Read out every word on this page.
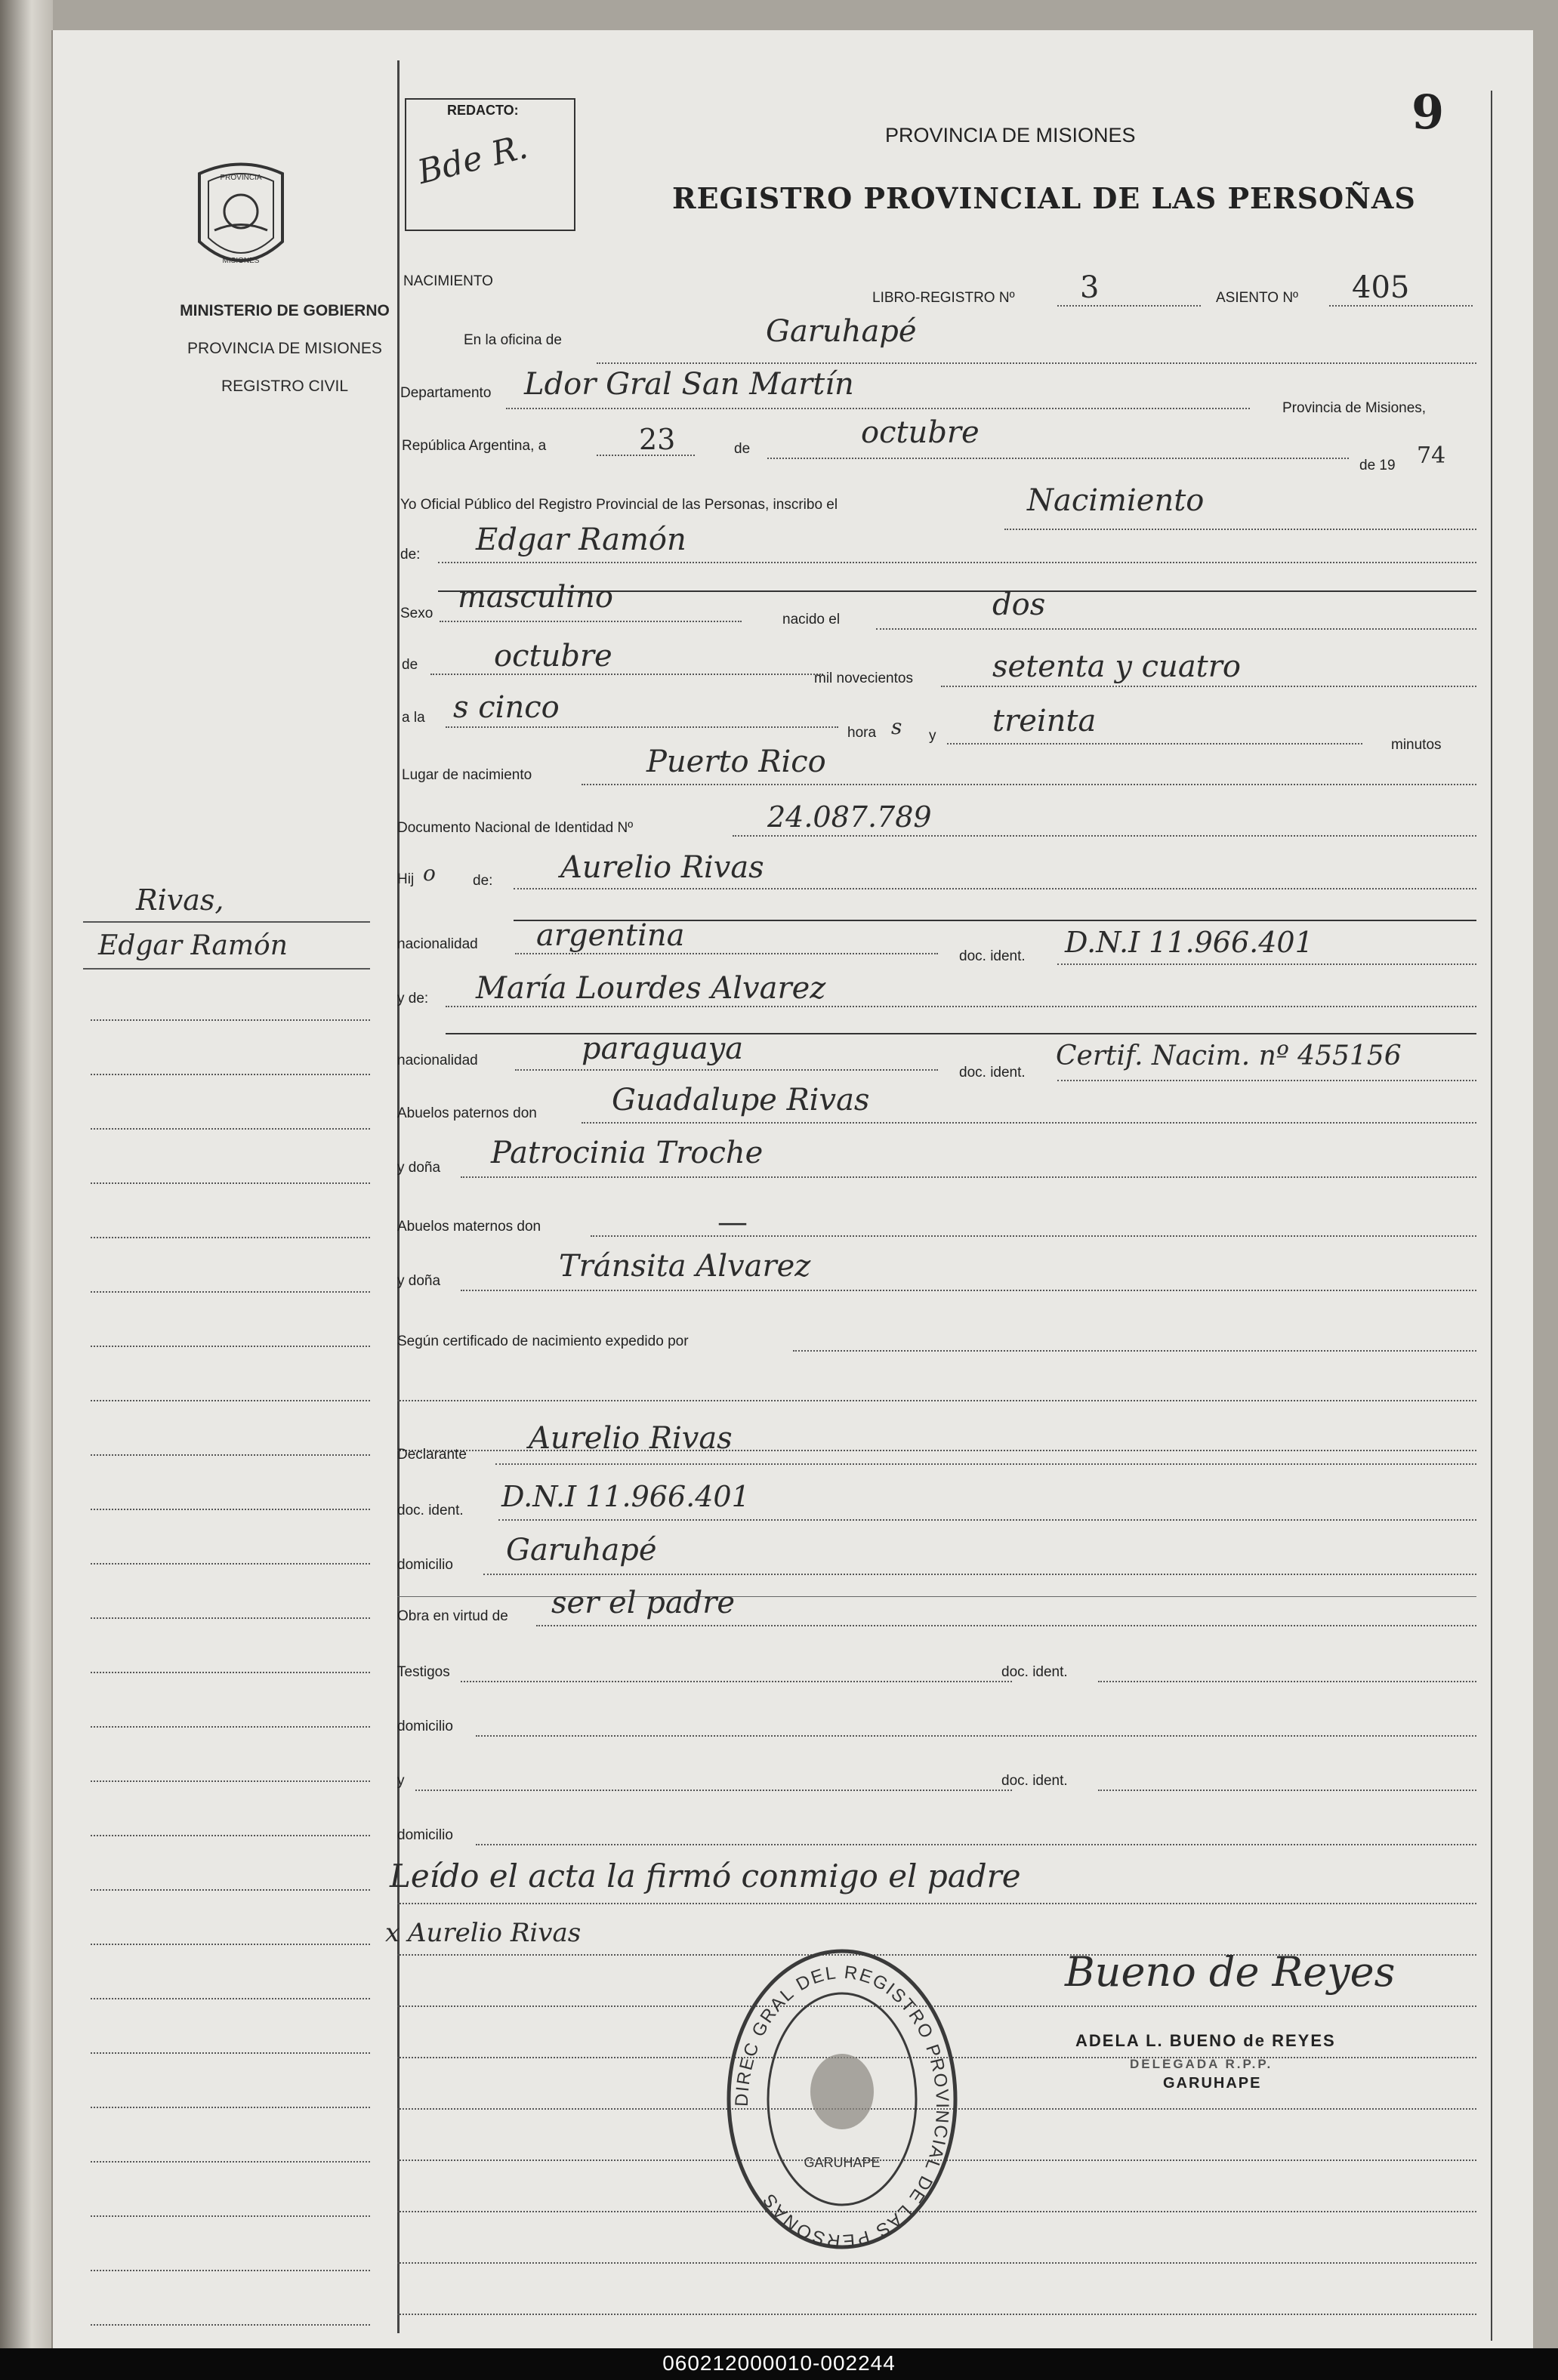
PROVINCIA
MISIONES
MINISTERIO DE GOBIERNO
PROVINCIA DE MISIONES
REGISTRO CIVIL
Rivas,
Edgar Ramón
REDACTO:
Bde R.	PROVINCIA DE MISIONES
REGISTRO PROVINCIAL DE LAS PERSOÑAS
9
NACIMIENTO
LIBRO-REGISTRO Nº 3	ASIENTO Nº 405
En la oficina de	Garuhapé
Departamento Ldor Gral San Martín
Provincia de Misiones,
República Argentina, a	23	de	octubre
de 19 74
Yo Oficial Público del Registro Provincial de las Personas, inscribo el	Nacimiento
de: Edgar Ramón
Sexo masculino
nacido el	dos
de	octubre
mil novecientos	setenta y cuatro
a la s cinco
hora s y treinta
minutos
Lugar de nacimiento	Puerto Rico
Documento Nacional de Identidad Nº	24.087.789
Hij o	de: Aurelio Rivas
nacionalidad argentina
doc. ident. D.N.I 11.966.401
y de: María Lourdes Alvarez
nacionalidad	paraguaya
doc. ident.
Certif. Nacim. nº 455156
Abuelos paternos don Guadalupe Rivas
y doña Patrocinia Troche
Abuelos maternos don	—
y doña	Tránsita Alvarez
Según certificado de nacimiento expedido por
Declarante Aurelio Rivas
doc. ident. D.N.I 11.966.401
domicilio Garuhapé
Obra en virtud de ser el padre
Testigos	doc. ident.
domicilio
y	doc. ident.
domicilio
Leído el acta la firmó conmigo el padre
x Aurelio Rivas
DIREC GRAL DEL REGISTRO PROVINCIAL DE LAS PERSONAS
GARUHAPE
Bueno de Reyes
ADELA L. BUENO de REYES
DELEGADA R.P.P.
GARUHAPE
060212000010-002244
